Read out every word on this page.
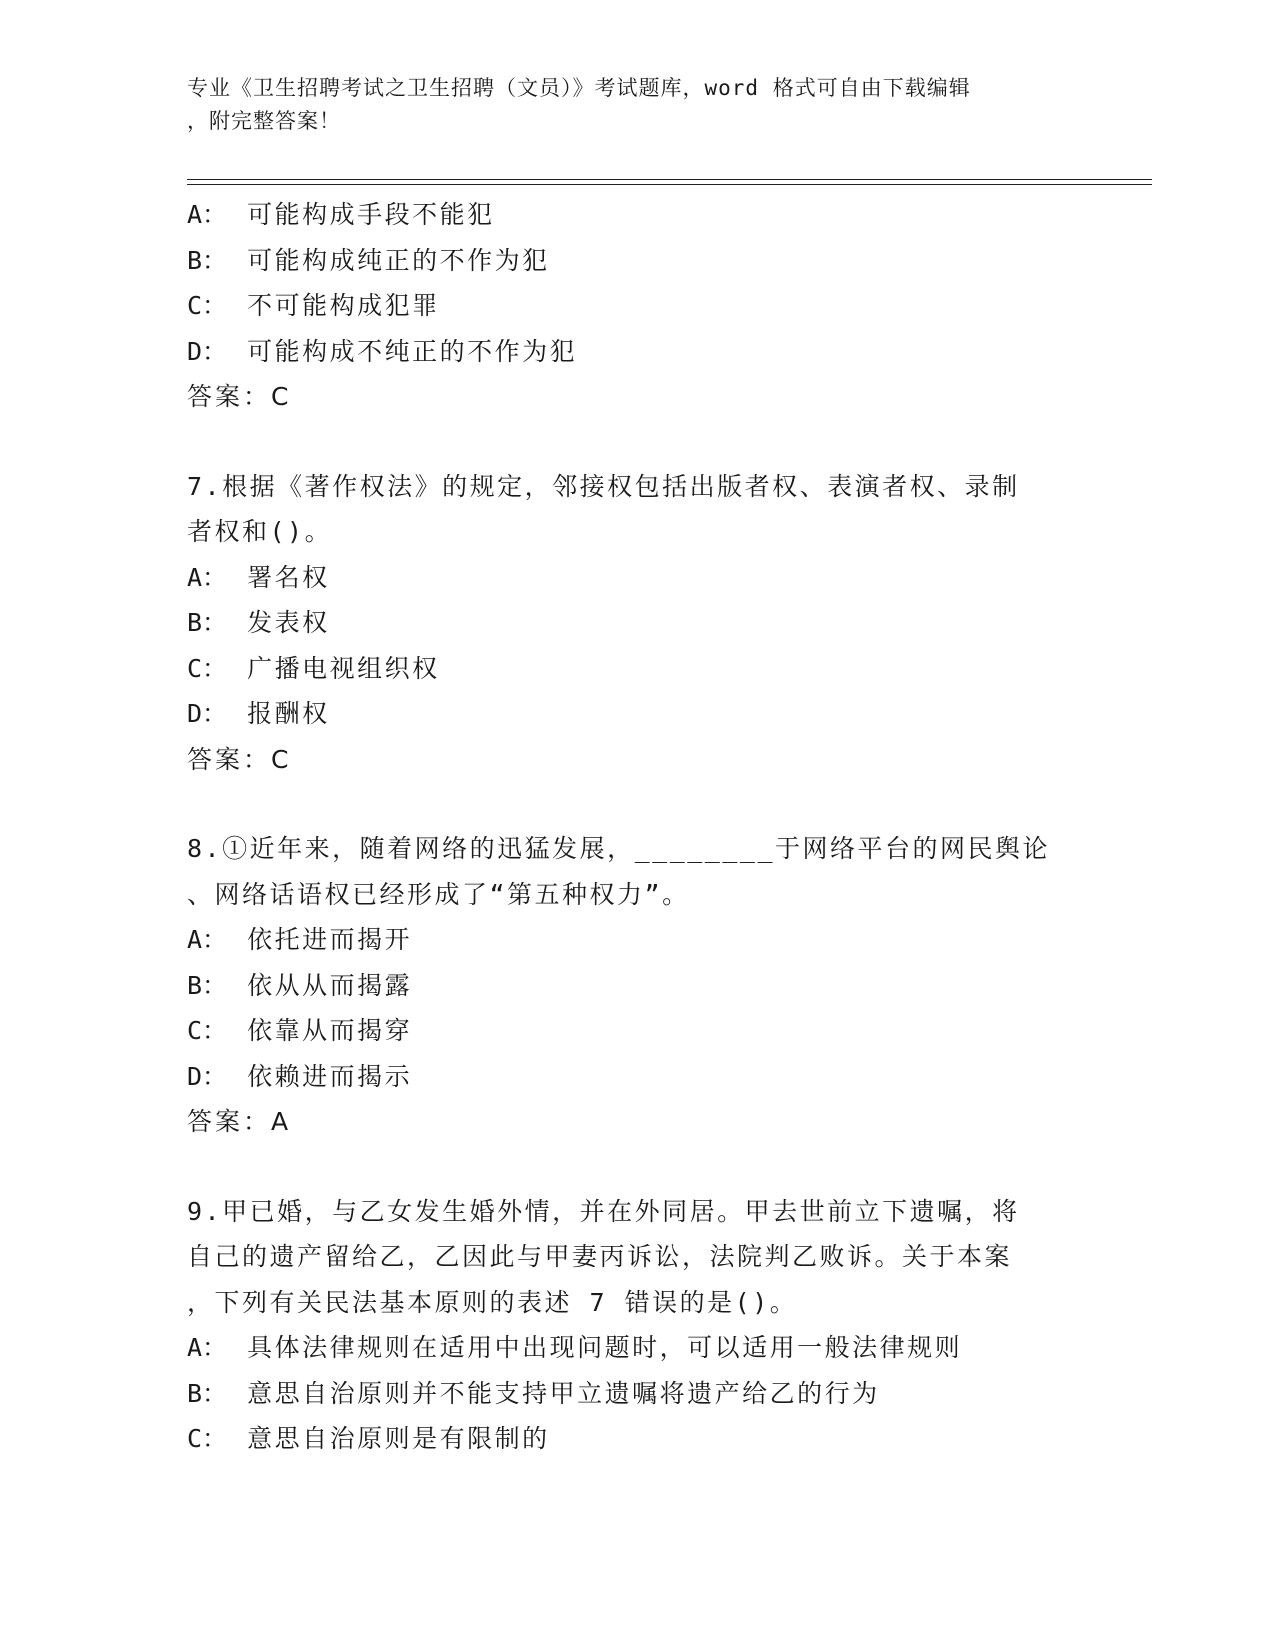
专业《卫生招聘考试之卫生招聘（文员）》考试题库，word 格式可自由下载编辑
，附完整答案！
A： 可能构成手段不能犯
B： 可能构成纯正的不作为犯
C： 不可能构成犯罪
D： 可能构成不纯正的不作为犯
答案：C
7.根据《著作权法》的规定，邻接权包括出版者权、表演者权、录制
者权和()。
A： 署名权
B： 发表权
C： 广播电视组织权
D： 报酬权
答案：C
8.①近年来，随着网络的迅猛发展，________于网络平台的网民舆论
、网络话语权已经形成了“第五种权力”。
A： 依托进而揭开
B： 依从从而揭露
C： 依靠从而揭穿
D： 依赖进而揭示
答案：A
9.甲已婚，与乙女发生婚外情，并在外同居。甲去世前立下遗嘱，将
自己的遗产留给乙，乙因此与甲妻丙诉讼，法院判乙败诉。关于本案
，下列有关民法基本原则的表述 7 错误的是()。
A： 具体法律规则在适用中出现问题时，可以适用一般法律规则
B： 意思自治原则并不能支持甲立遗嘱将遗产给乙的行为
C： 意思自治原则是有限制的
